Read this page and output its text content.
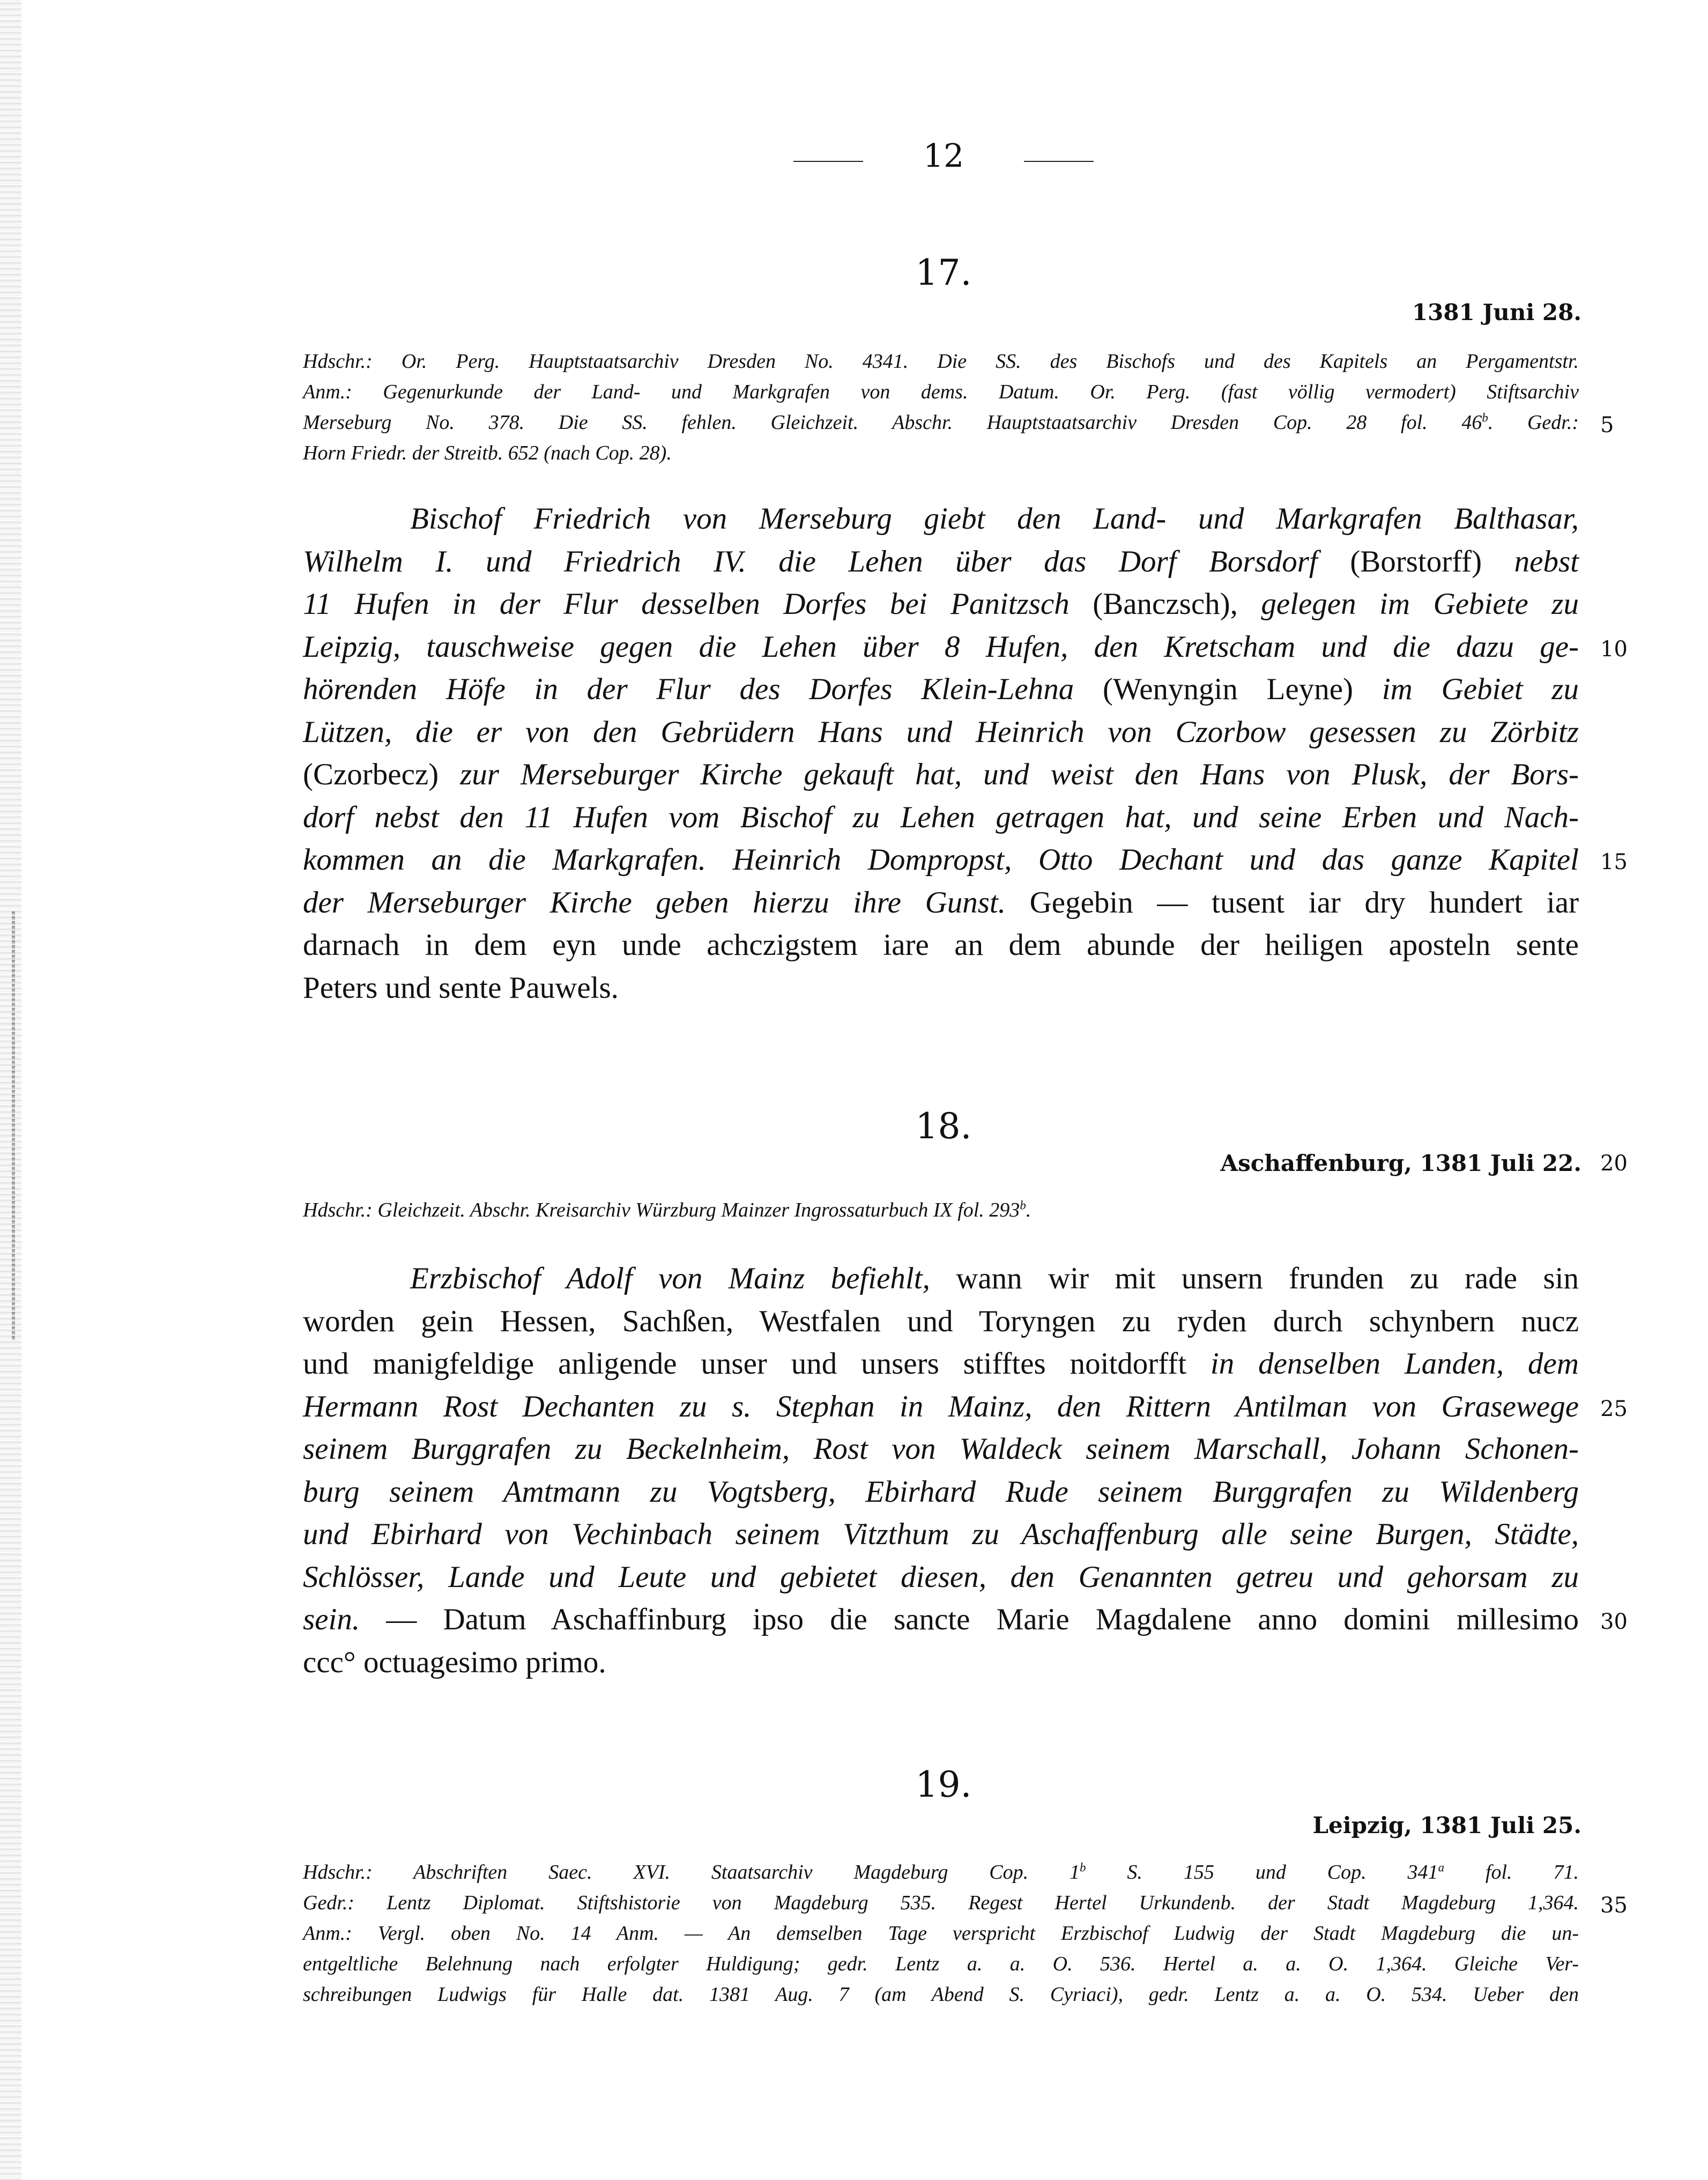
12
17.
1381 Juni 28.
Hdschr.: Or. Perg. Hauptstaatsarchiv Dresden No. 4341. Die SS. des Bischofs und des Kapitels an Pergamentstr.
Anm.: Gegenurkunde der Land- und Markgrafen von dems. Datum. Or. Perg. (fast völlig vermodert) Stiftsarchiv
Merseburg No. 378. Die SS. fehlen. Gleichzeit. Abschr. Hauptstaatsarchiv Dresden Cop. 28 fol. 46$^b$. Gedr.: 5
Horn Friedr. der Streitb. 652 (nach Cop. 28).
Bischof Friedrich von Merseburg giebt den Land- und Markgrafen Balthasar,
Wilhelm I. und Friedrich IV. die Lehen über das Dorf Borsdorf (Borstorff) nebst
11 Hufen in der Flur desselben Dorfes bei Panitzsch (Banczsch), gelegen im Gebiete zu
Leipzig, tauschweise gegen die Lehen über 8 Hufen, den Kretscham und die dazu ge- 10
hörenden Höfe in der Flur des Dorfes Klein-Lehna (Wenyngin Leyne) im Gebiet zu
Lützen, die er von den Gebrüdern Hans und Heinrich von Czorbow gesessen zu Zörbitz
(Czorbecz) zur Merseburger Kirche gekauft hat, und weist den Hans von Plusk, der Bors-
dorf nebst den 11 Hufen vom Bischof zu Lehen getragen hat, und seine Erben und Nach-
kommen an die Markgrafen. Heinrich Dompropst, Otto Dechant und das ganze Kapitel 15
der Merseburger Kirche geben hierzu ihre Gunst. Gegebin — tusent iar dry hundert iar
darnach in dem eyn unde achczigstem iare an dem abunde der heiligen aposteln sente
Peters und sente Pauwels.
18.
Aschaffenburg, 1381 Juli 22. 20
Hdschr.: Gleichzeit. Abschr. Kreisarchiv Würzburg Mainzer Ingrossaturbuch IX fol. 293$^b$.
Erzbischof Adolf von Mainz befiehlt, wann wir mit unsern frunden zu rade sin
worden gein Hessen, Sachßen, Westfalen und Toryngen zu ryden durch schynbern nucz
und manigfeldige anligende unser und unsers stifftes noitdorfft in denselben Landen, dem
Hermann Rost Dechanten zu s. Stephan in Mainz, den Rittern Antilman von Grasewege 25
seinem Burggrafen zu Beckelnheim, Rost von Waldeck seinem Marschall, Johann Schonen-
burg seinem Amtmann zu Vogtsberg, Ebirhard Rude seinem Burggrafen zu Wildenberg
und Ebirhard von Vechinbach seinem Vitzthum zu Aschaffenburg alle seine Burgen, Städte,
Schlösser, Lande und Leute und gebietet diesen, den Genannten getreu und gehorsam zu
sein. — Datum Aschaffinburg ipso die sancte Marie Magdalene anno domini millesimo 30
ccc° octuagesimo primo.
19.
Leipzig, 1381 Juli 25.
Hdschr.: Abschriften Saec. XVI. Staatsarchiv Magdeburg Cop. 1$^b$ S. 155 und Cop. 341$^a$ fol. 71.
Gedr.: Lentz Diplomat. Stiftshistorie von Magdeburg 535. Regest Hertel Urkundenb. der Stadt Magdeburg 1,364. 35
Anm.: Vergl. oben No. 14 Anm. — An demselben Tage verspricht Erzbischof Ludwig der Stadt Magdeburg die un-
entgeltliche Belehnung nach erfolgter Huldigung; gedr. Lentz a. a. O. 536. Hertel a. a. O. 1,364. Gleiche Ver-
schreibungen Ludwigs für Halle dat. 1381 Aug. 7 (am Abend S. Cyriaci), gedr. Lentz a. a. O. 534. Ueber den
